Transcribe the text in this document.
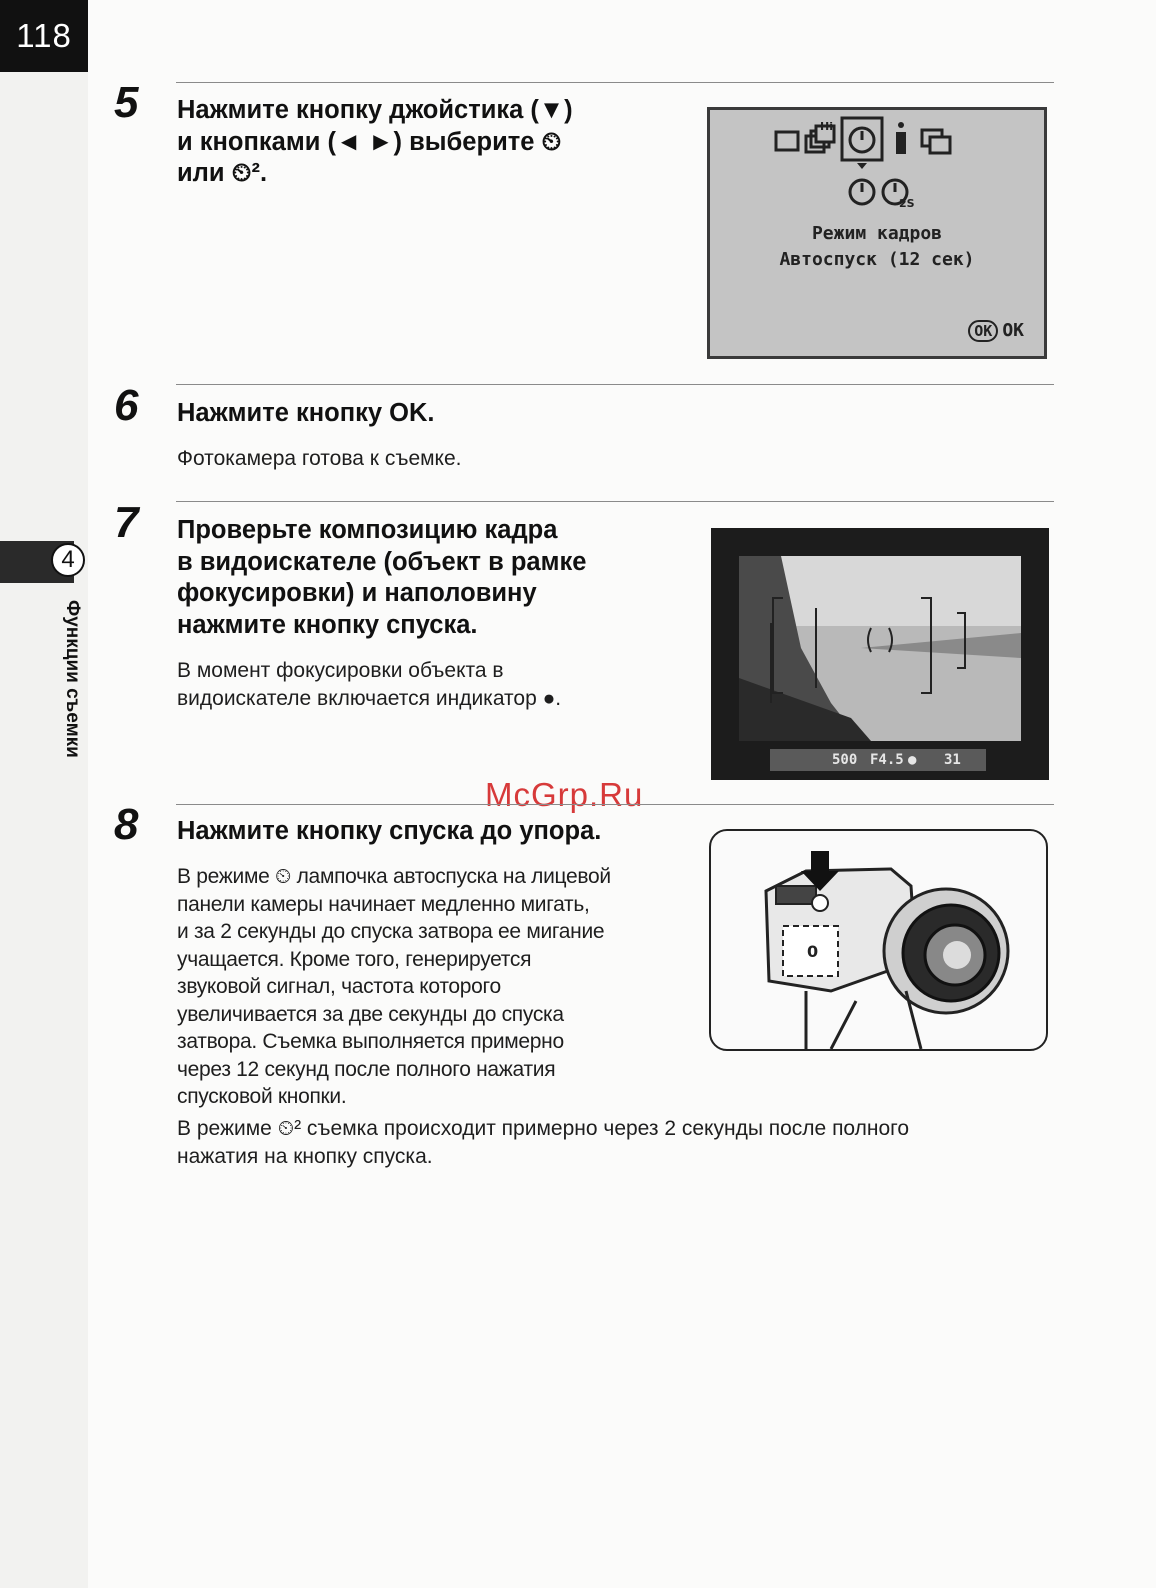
118
4
Функции съемки
5	Нажмите кнопку джойстика (▼)
и кнопками (◄ ►) выберите ⏲
или ⏲².
Hi
2S
Режим кадров
Автоспуск (12 сек)
OK OK
6	Нажмите кнопку OK.
Фотокамера готова к съемке.
7	Проверьте композицию кадра
в видоискателе (объект в рамке
фокусировки) и наполовину
нажмите кнопку спуска.
В момент фокусировки объекта в
видоискателе включается индикатор ●.
500 F4.5 ● 31
McGrp.Ru
8	Нажмите кнопку спуска до упора.
В режиме ⏲ лампочка автоспуска на лицевой
панели камеры начинает медленно мигать,
и за 2 секунды до спуска затвора ее мигание
учащается. Кроме того, генерируется
звуковой сигнал, частота которого
увеличивается за две секунды до спуска
затвора. Съемка выполняется примерно
через 12 секунд после полного нажатия
спусковой кнопки.
В режиме ⏲² съемка происходит примерно через 2 секунды после полного
нажатия на кнопку спуска.
0
